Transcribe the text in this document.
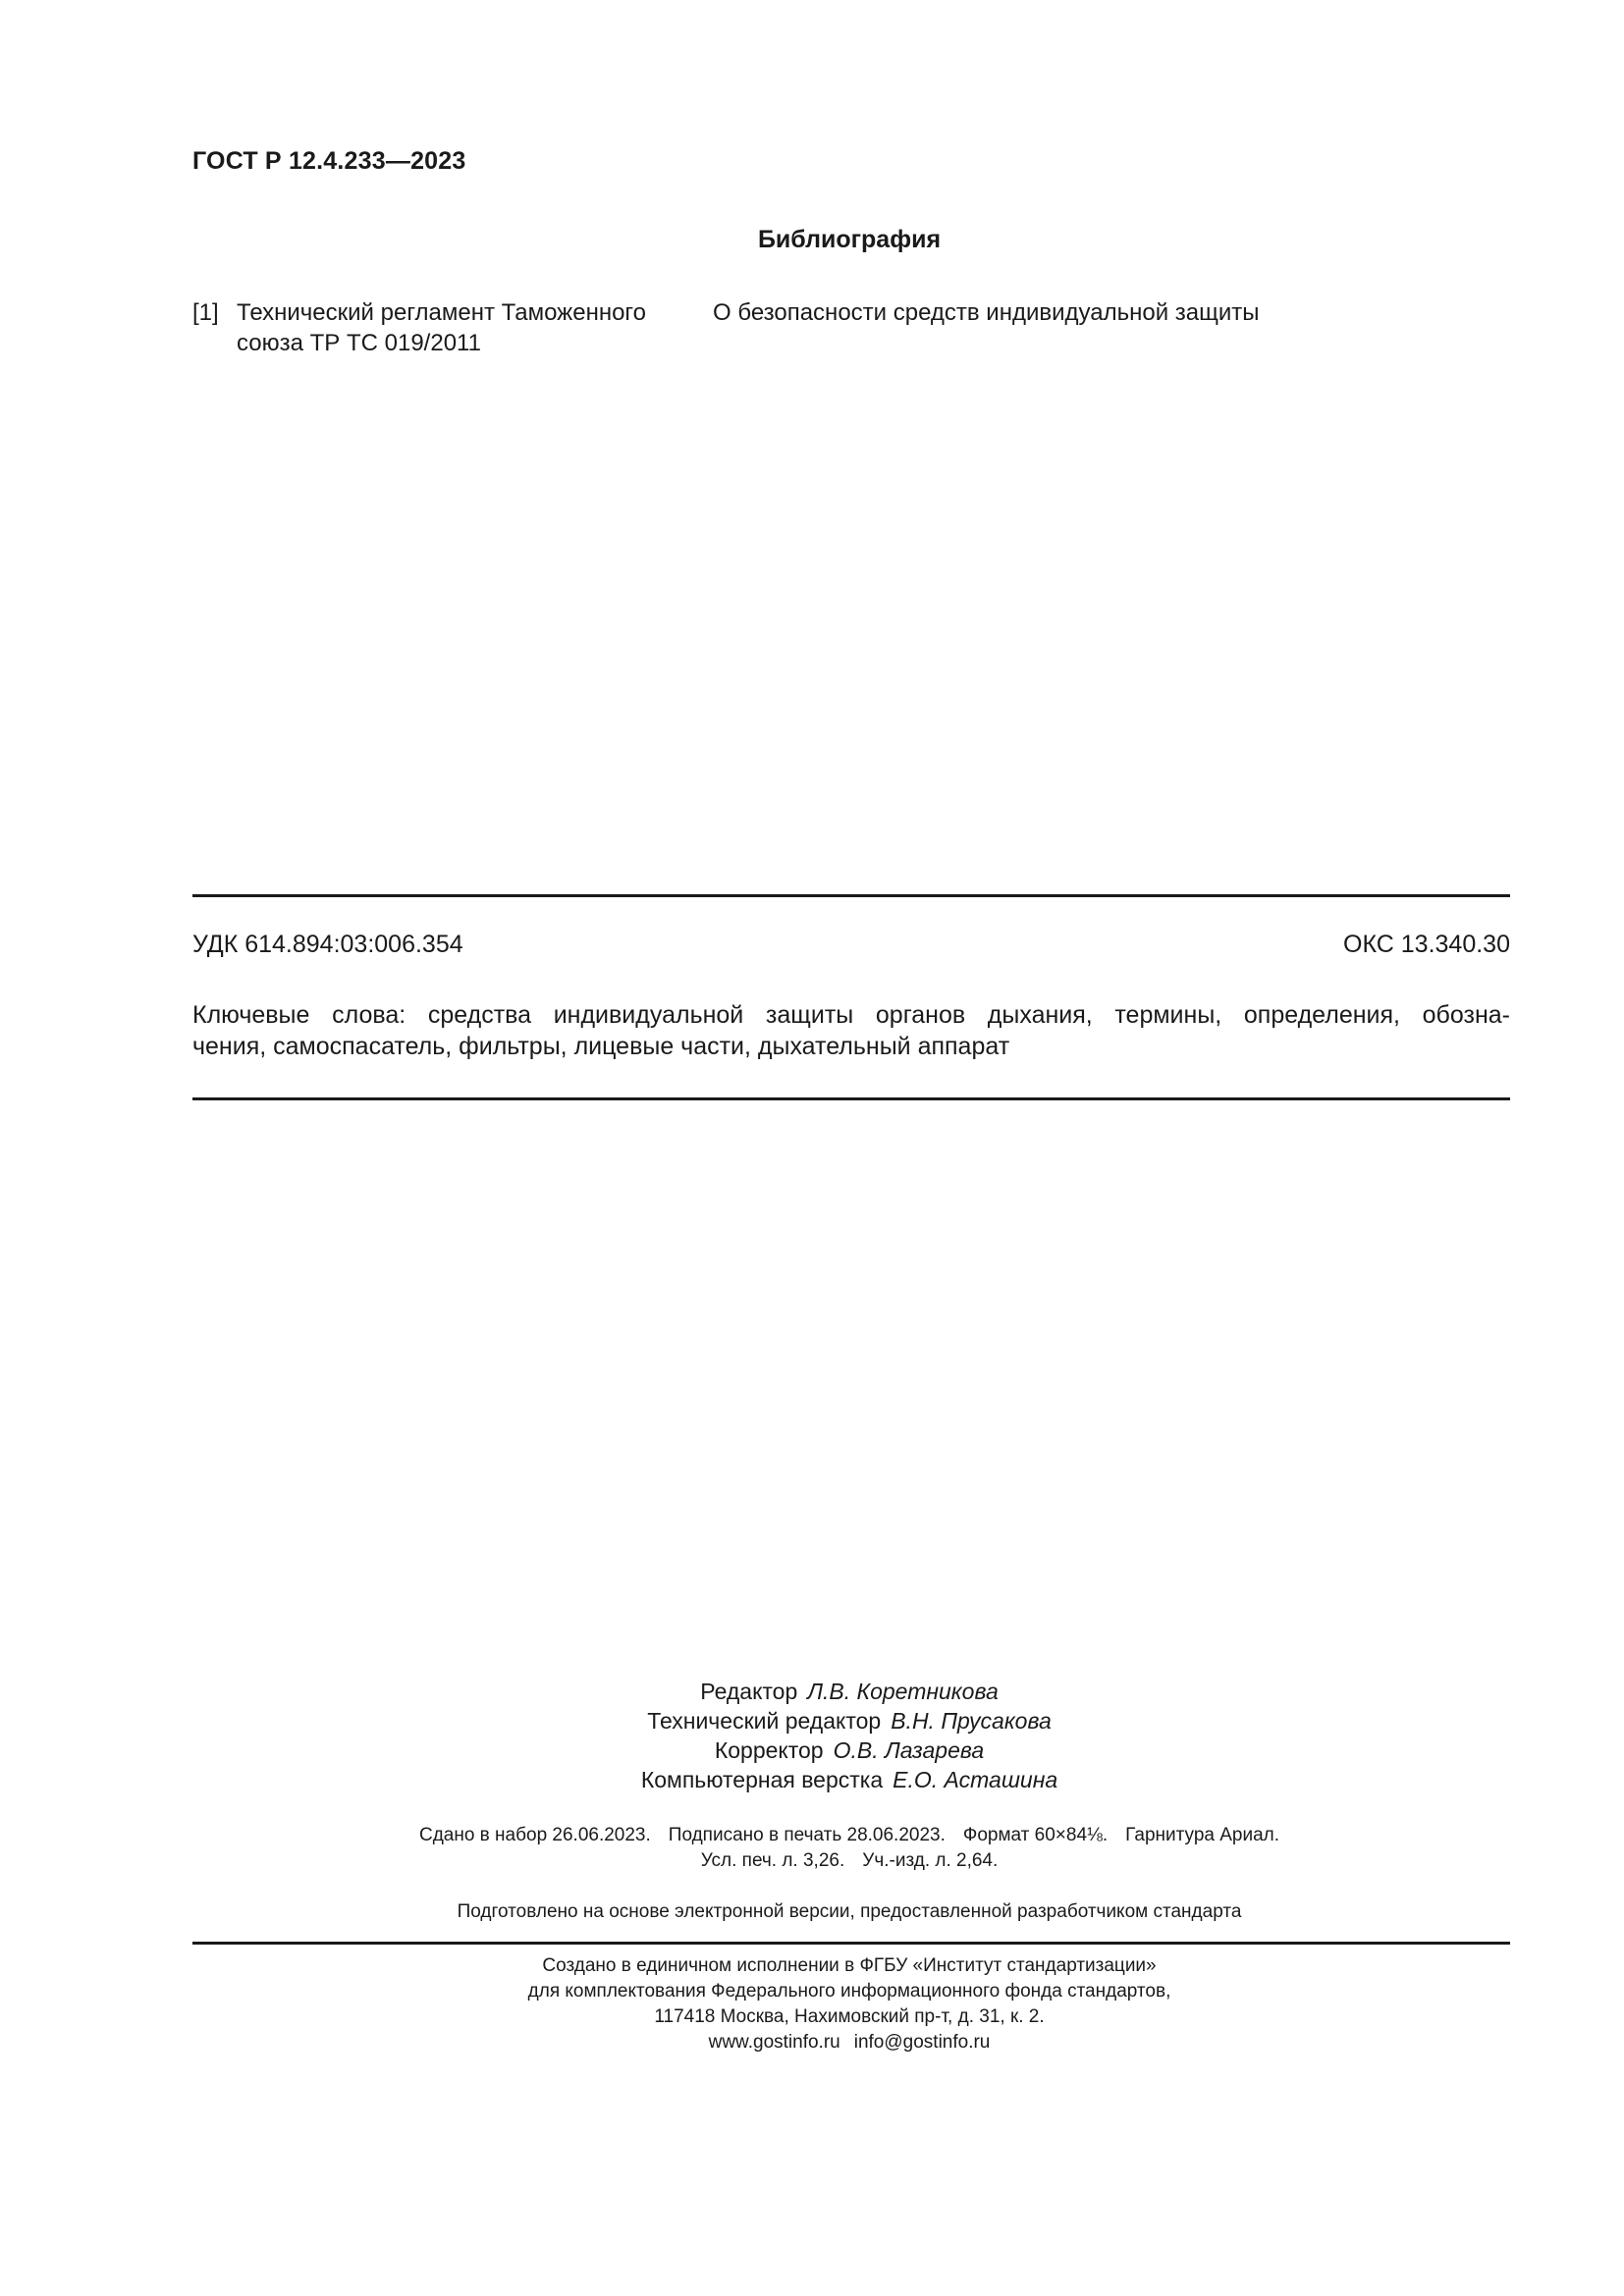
ГОСТ Р 12.4.233—2023
Библиография
[1] Технический регламент Таможенного
союза ТР ТС 019/2011
О безопасности средств индивидуальной защиты
УДК 614.894:03:006.354	ОКС 13.340.30
Ключевые слова: средства индивидуальной защиты органов дыхания, термины, определения, обозна-
чения, самоспасатель, фильтры, лицевые части, дыхательный аппарат
Редактор Л.В. Коретникова
Технический редактор В.Н. Прусакова
Корректор О.В. Лазарева
Компьютерная верстка Е.О. Асташина
Сдано в набор 26.06.2023. Подписано в печать 28.06.2023. Формат 60×84⅛. Гарнитура Ариал.
Усл. печ. л. 3,26. Уч.-изд. л. 2,64.
Подготовлено на основе электронной версии, предоставленной разработчиком стандарта
Создано в единичном исполнении в ФГБУ «Институт стандартизации»
для комплектования Федерального информационного фонда стандартов,
117418 Москва, Нахимовский пр-т, д. 31, к. 2.
www.gostinfo.ru info@gostinfo.ru
